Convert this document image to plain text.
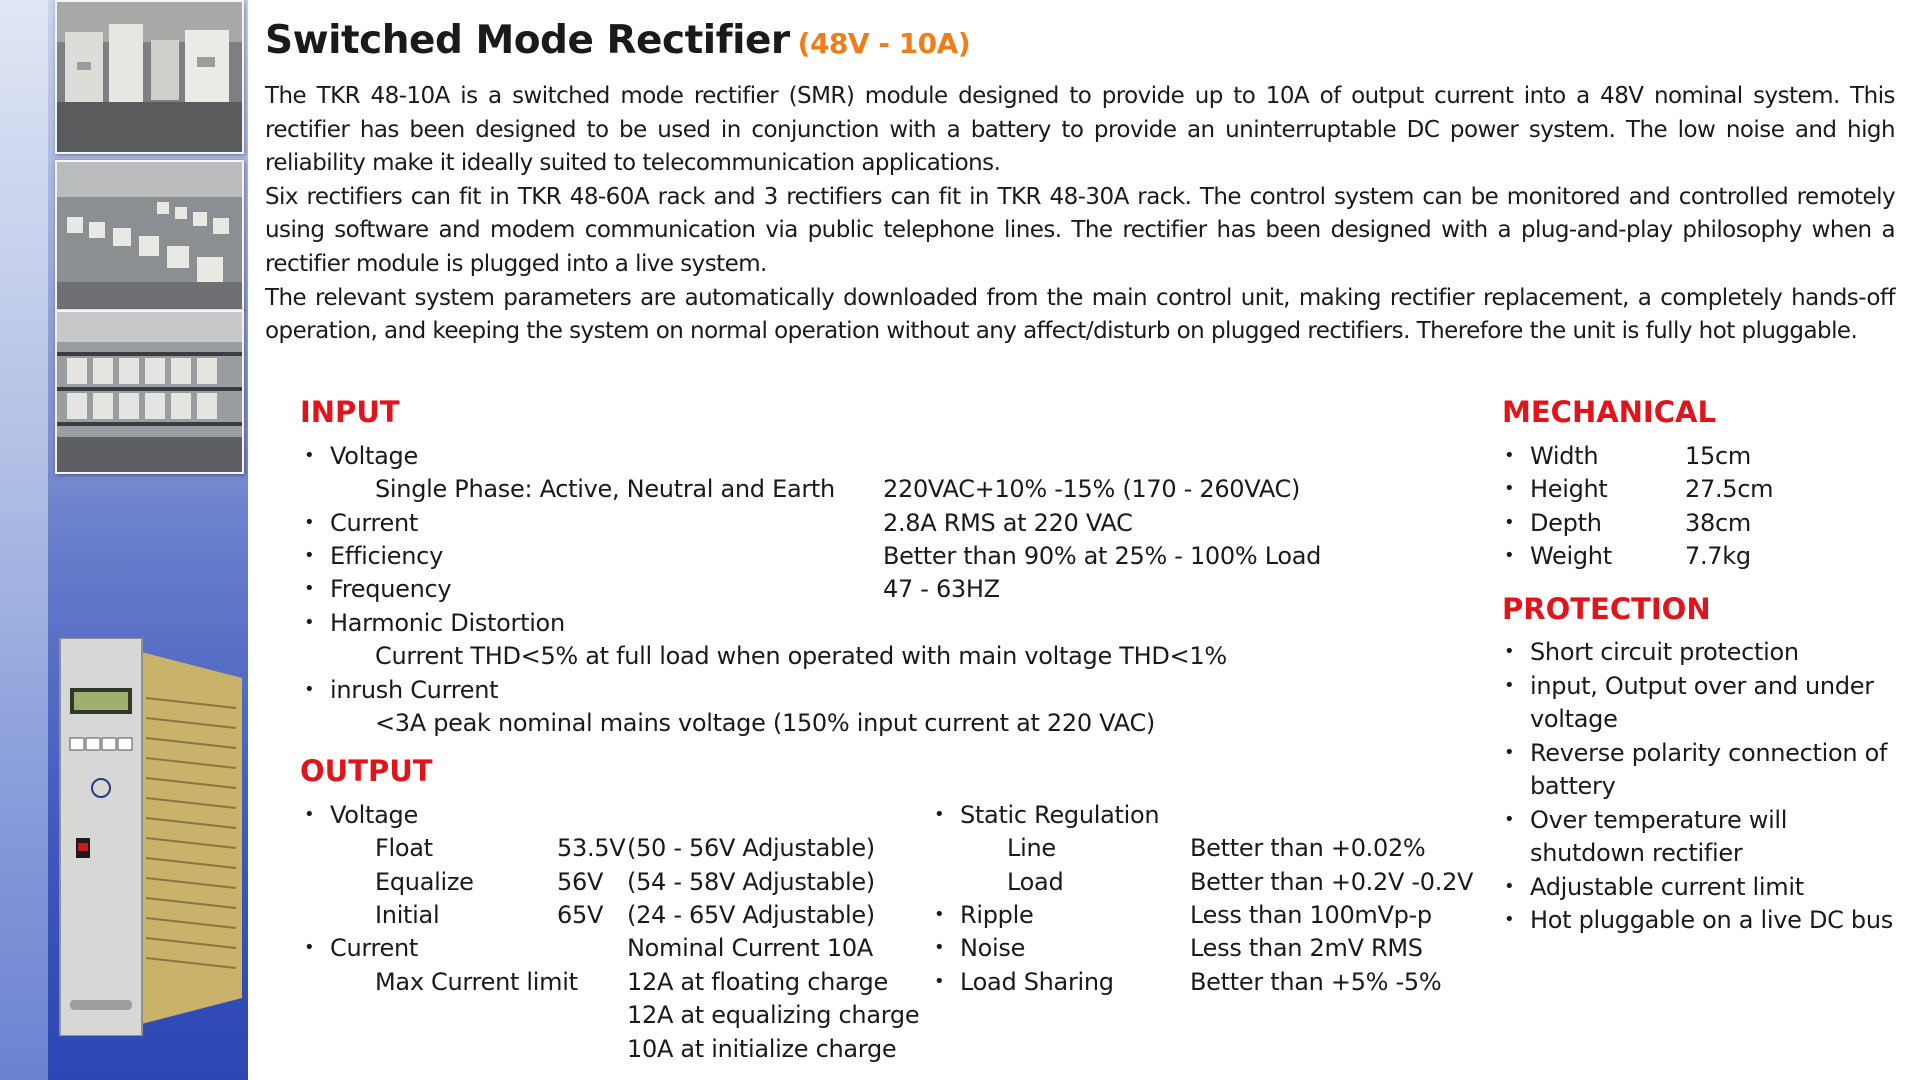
Switched Mode Rectifier (48V - 10A)

The TKR 48-10A is a switched mode rectifier (SMR) module designed to provide up to 10A of output current into a 48V nominal system. This rectifier has been designed to be used in conjunction with a battery to provide an uninterruptable DC power system. The low noise and high reliability make it ideally suited to telecommunication applications.

Six rectifiers can fit in TKR 48-60A rack and 3 rectifiers can fit in TKR 48-30A rack. The control system can be monitored and controlled remotely using software and modem communication via public telephone lines. The rectifier has been designed with a plug-and-play philosophy when a rectifier module is plugged into a live system.

The relevant system parameters are automatically downloaded from the main control unit, making rectifier replacement, a completely hands-off operation, and keeping the system on normal operation without any affect/disturb on plugged rectifiers. Therefore the unit is fully hot pluggable.

INPUT
• Voltage
Single Phase: Active, Neutral and Earth 220VAC+10% -15% (170 - 260VAC)
• Current	2.8A RMS at 220 VAC
• Efficiency	Better than 90% at 25% - 100% Load
• Frequency	47 - 63HZ
• Harmonic Distortion
Current THD<5% at full load when operated with main voltage THD<1%
• inrush Current
<3A peak nominal mains voltage (150% input current at 220 VAC)
OUTPUT
• Voltage
Float	53.5V (50 - 56V Adjustable)
Equalize	56V (54 - 58V Adjustable)
Initial	65V (24 - 65V Adjustable)
• Current	Nominal Current 10A
Max Current limit 12A at floating charge
12A at equalizing charge
10A at initialize charge
• Static Regulation
Line	Better than +0.02%
Load	Better than +0.2V -0.2V
• Ripple	Less than 100mVp-p
• Noise	Less than 2mV RMS
• Load Sharing	Better than +5% -5%
MECHANICAL
• Width	15cm
• Height	27.5cm
• Depth	38cm
• Weight	7.7kg
PROTECTION
• Short circuit protection
• input, Output over and under
voltage
• Reverse polarity connection of
battery
• Over temperature will
shutdown rectifier
• Adjustable current limit
• Hot pluggable on a live DC bus
